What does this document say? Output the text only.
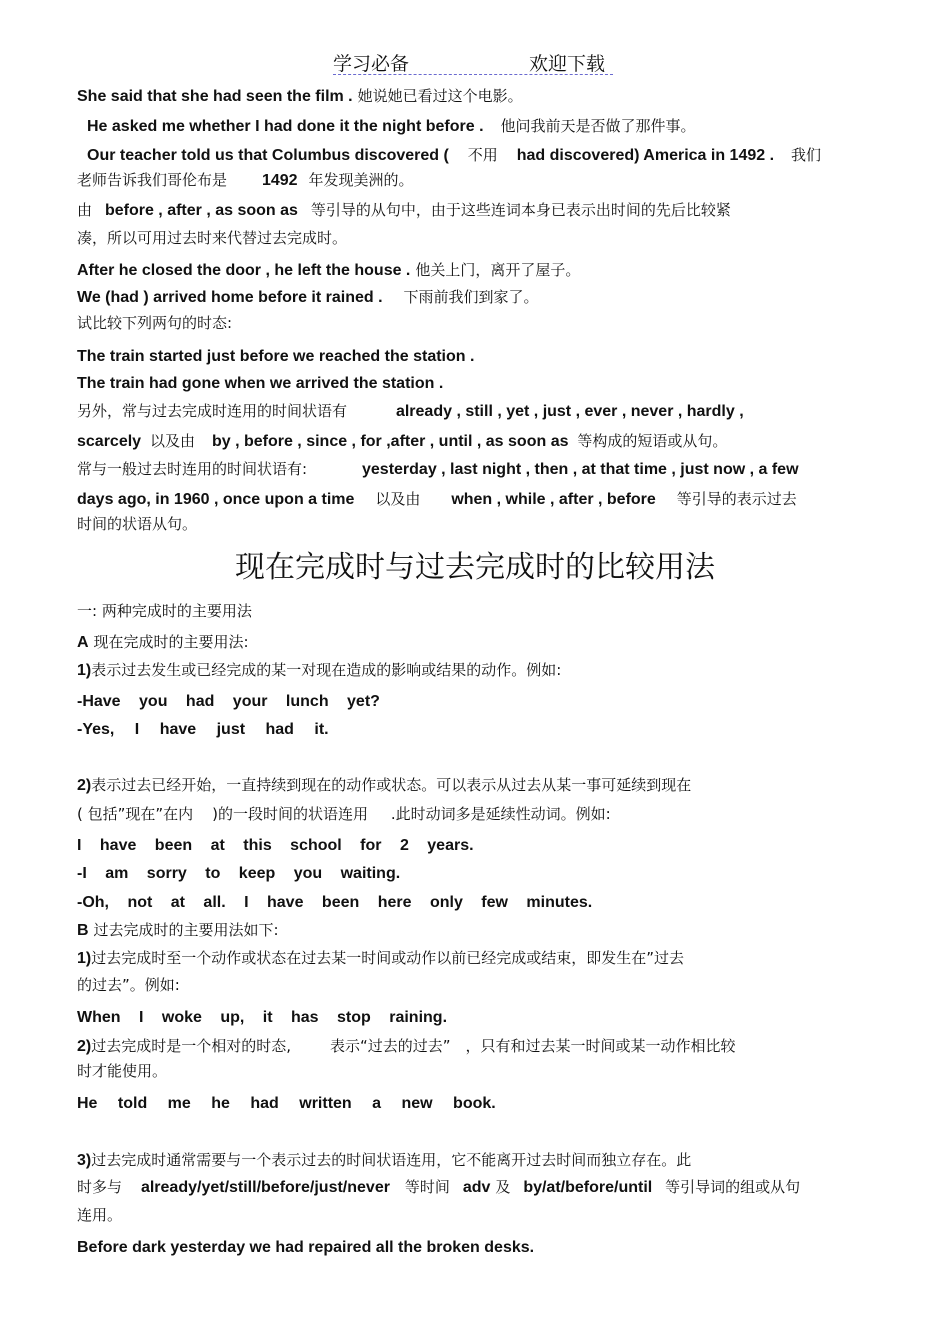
学习必备	欢迎下载
She said that she had seen the film . 她说她已看过这个电影。
He asked me whether I had done it the night before . 他问我前天是否做了那件事。
Our teacher told us that Columbus discovered ( 不用 had discovered) America in 1492 . 我们
老师告诉我们哥伦布是 1492 年发现美洲的。
由 before , after , as soon as 等引导的从句中，由于这些连词本身已表示出时间的先后比较紧
凑，所以可用过去时来代替过去完成时。
After he closed the door , he left the house . 他关上门，离开了屋子。
We (had ) arrived home before it rained . 下雨前我们到家了。
试比较下列两句的时态:
The train started just before we reached the station .
The train had gone when we arrived the station .
另外，常与过去完成时连用的时间状语有	already , still , yet , just , ever , never , hardly ,
scarcely 以及由 by , before , since , for ,after , until , as soon as 等构成的短语或从句。
常与一般过去时连用的时间状语有:	yesterday , last night , then , at that time , just now , a few
days ago, in 1960 , once upon a time 以及由 when , while , after , before 等引导的表示过去
时间的状语从句。
现在完成时与过去完成时的比较用法
一: 两种完成时的主要用法
A 现在完成时的主要用法:
1)表示过去发生或已经完成的某一对现在造成的影响或结果的动作。例如:
-Have you had your lunch yet?
-Yes, I have just had it.
2)表示过去已经开始，一直持续到现在的动作或状态。可以表示从过去从某一事可延续到现在
( 包括”现在”在内 )的一段时间的状语连用 .此时动词多是延续性动词。例如:
I have been at this school for 2 years.
-I am sorry to keep you waiting.
-Oh, not at all. I have been here only few minutes.
B 过去完成时的主要用法如下:
1)过去完成时至一个动作或状态在过去某一时间或动作以前已经完成或结束，即发生在”过去
的过去”。例如:
When I woke up, it has stop raining.
2)过去完成时是一个相对的时态,	表示“过去的过去” ，只有和过去某一时间或某一动作相比较
时才能使用。
He told me he had written a new book.
3)过去完成时通常需要与一个表示过去的时间状语连用，它不能离开过去时间而独立存在。此
时多与 already/yet/still/before/just/never 等时间 adv 及 by/at/before/until 等引导词的组或从句
连用。
Before dark yesterday we had repaired all the broken desks.
